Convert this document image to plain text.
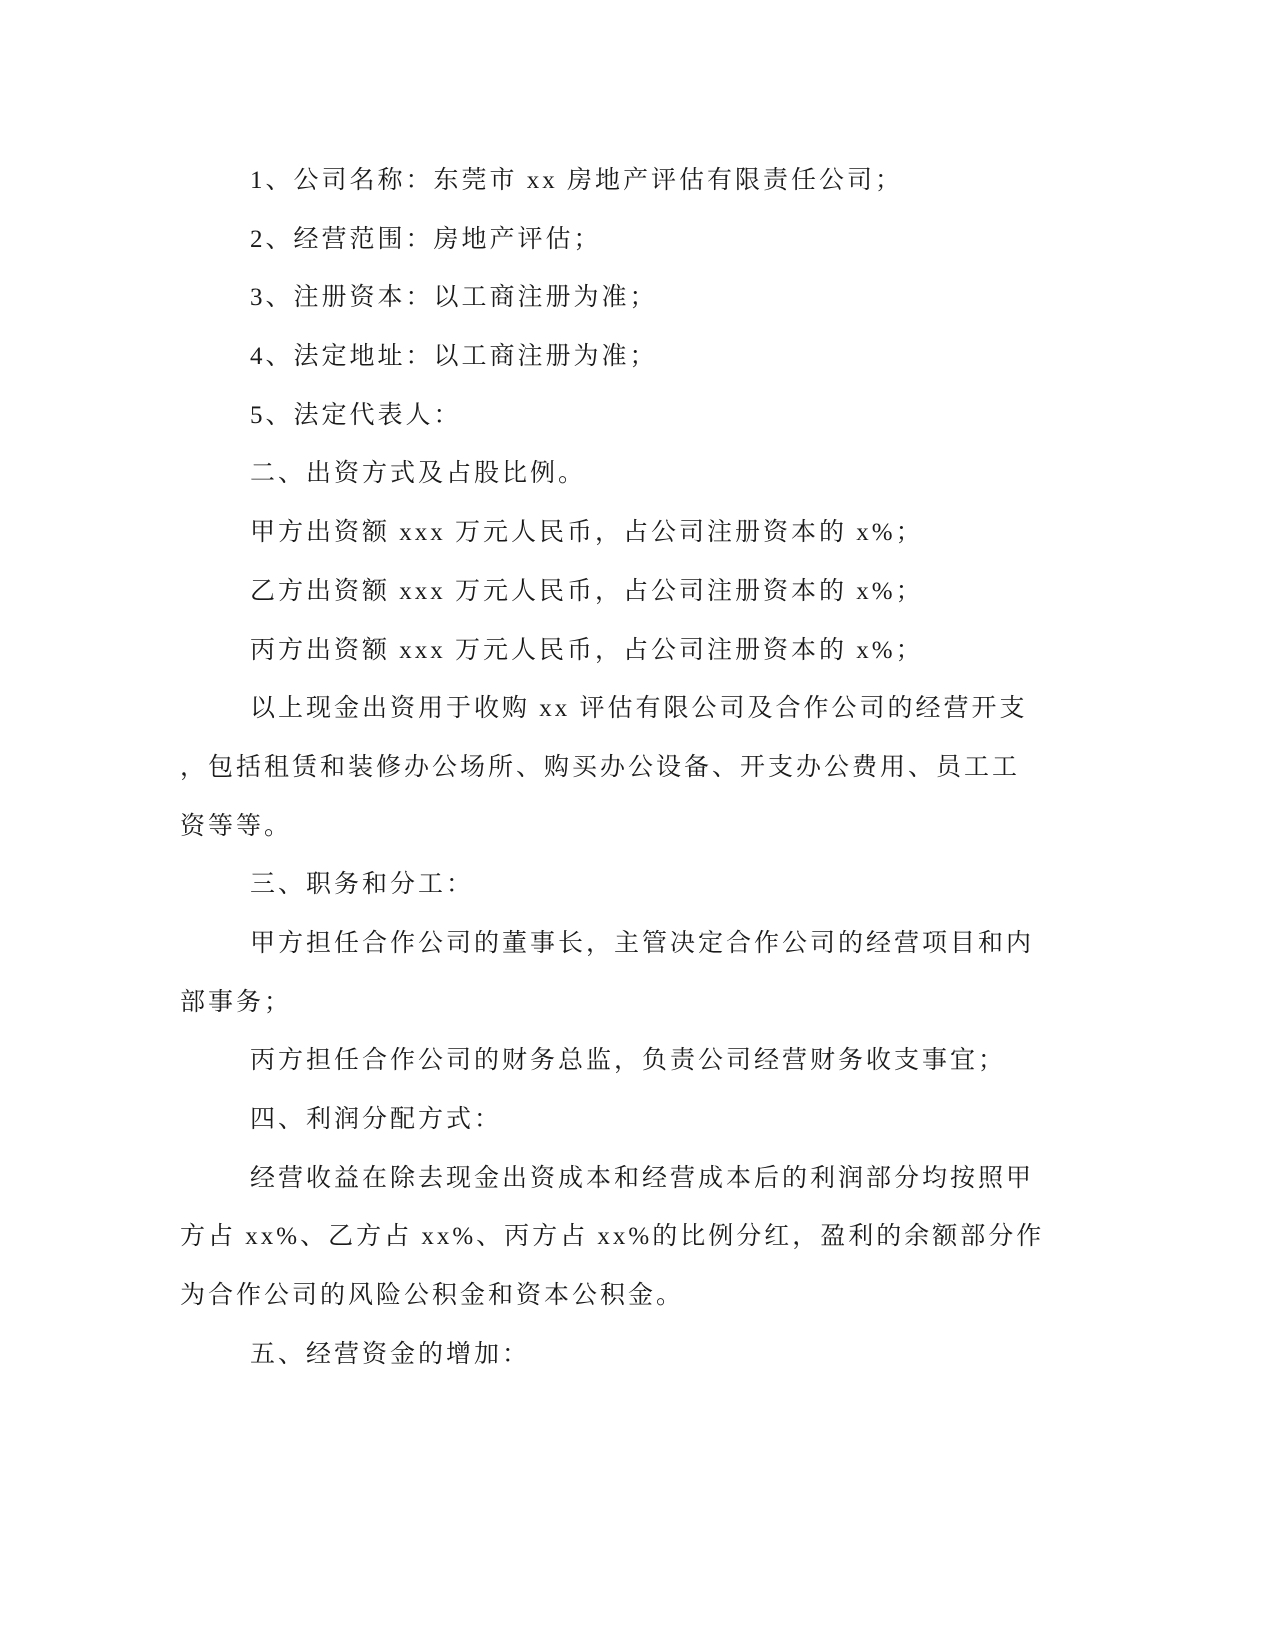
1、公司名称：东莞市 xx 房地产评估有限责任公司；

2、经营范围：房地产评估；

3、注册资本：以工商注册为准；

4、法定地址：以工商注册为准；

5、法定代表人：

二、出资方式及占股比例。

甲方出资额 xxx 万元人民币，占公司注册资本的 x%；

乙方出资额 xxx 万元人民币，占公司注册资本的 x%；

丙方出资额 xxx 万元人民币，占公司注册资本的 x%；

以上现金出资用于收购 xx 评估有限公司及合作公司的经营开支
，包括租赁和装修办公场所、购买办公设备、开支办公费用、员工工
资等等。

三、职务和分工：

甲方担任合作公司的董事长，主管决定合作公司的经营项目和内
部事务；

丙方担任合作公司的财务总监，负责公司经营财务收支事宜；

四、利润分配方式：

经营收益在除去现金出资成本和经营成本后的利润部分均按照甲
方占 xx%、乙方占 xx%、丙方占 xx%的比例分红，盈利的余额部分作
为合作公司的风险公积金和资本公积金。

五、经营资金的增加：
